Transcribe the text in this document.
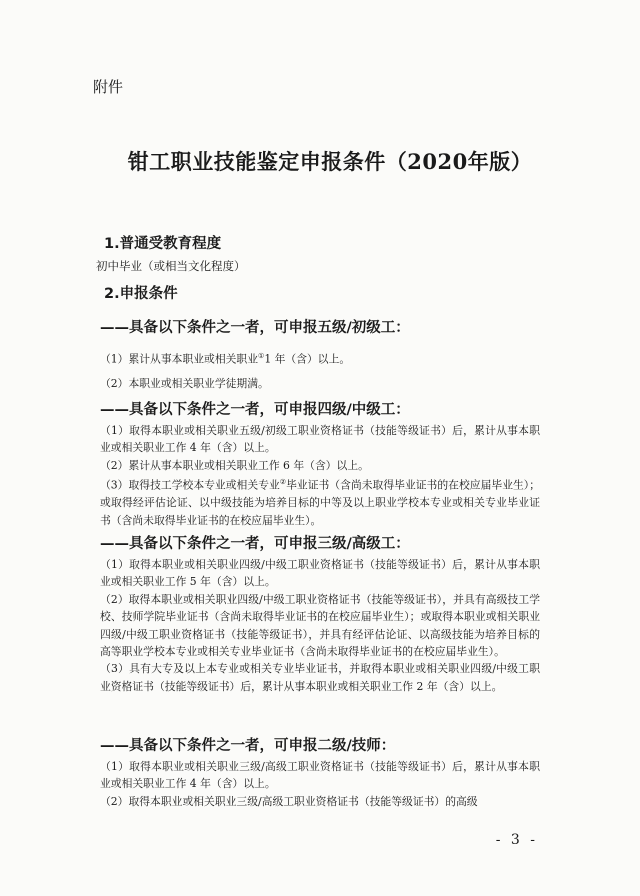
附件
钳工职业技能鉴定申报条件（2020年版）
1.普通受教育程度
初中毕业（或相当文化程度）
2.申报条件
——具备以下条件之一者，可申报五级/初级工：

（1）累计从事本职业或相关职业①1 年（含）以上。

（2）本职业或相关职业学徒期满。

——具备以下条件之一者，可申报四级/中级工：

（1）取得本职业或相关职业五级/初级工职业资格证书（技能等级证书）后，累计从事本职业或相关职业工作 4 年（含）以上。

（2）累计从事本职业或相关职业工作 6 年（含）以上。

（3）取得技工学校本专业或相关专业②毕业证书（含尚未取得毕业证书的在校应届毕业生）；或取得经评估论证、以中级技能为培养目标的中等及以上职业学校本专业或相关专业毕业证书（含尚未取得毕业证书的在校应届毕业生）。

——具备以下条件之一者，可申报三级/高级工：

（1）取得本职业或相关职业四级/中级工职业资格证书（技能等级证书）后，累计从事本职业或相关职业工作 5 年（含）以上。

（2）取得本职业或相关职业四级/中级工职业资格证书（技能等级证书），并具有高级技工学校、技师学院毕业证书（含尚未取得毕业证书的在校应届毕业生）；或取得本职业或相关职业四级/中级工职业资格证书（技能等级证书），并具有经评估论证、以高级技能为培养目标的高等职业学校本专业或相关专业毕业证书（含尚未取得毕业证书的在校应届毕业生）。

（3）具有大专及以上本专业或相关专业毕业证书，并取得本职业或相关职业四级/中级工职业资格证书（技能等级证书）后，累计从事本职业或相关职业工作 2 年（含）以上。

——具备以下条件之一者，可申报二级/技师：

（1）取得本职业或相关职业三级/高级工职业资格证书（技能等级证书）后，累计从事本职业或相关职业工作 4 年（含）以上。

（2）取得本职业或相关职业三级/高级工职业资格证书（技能等级证书）的高级

- 3 -
